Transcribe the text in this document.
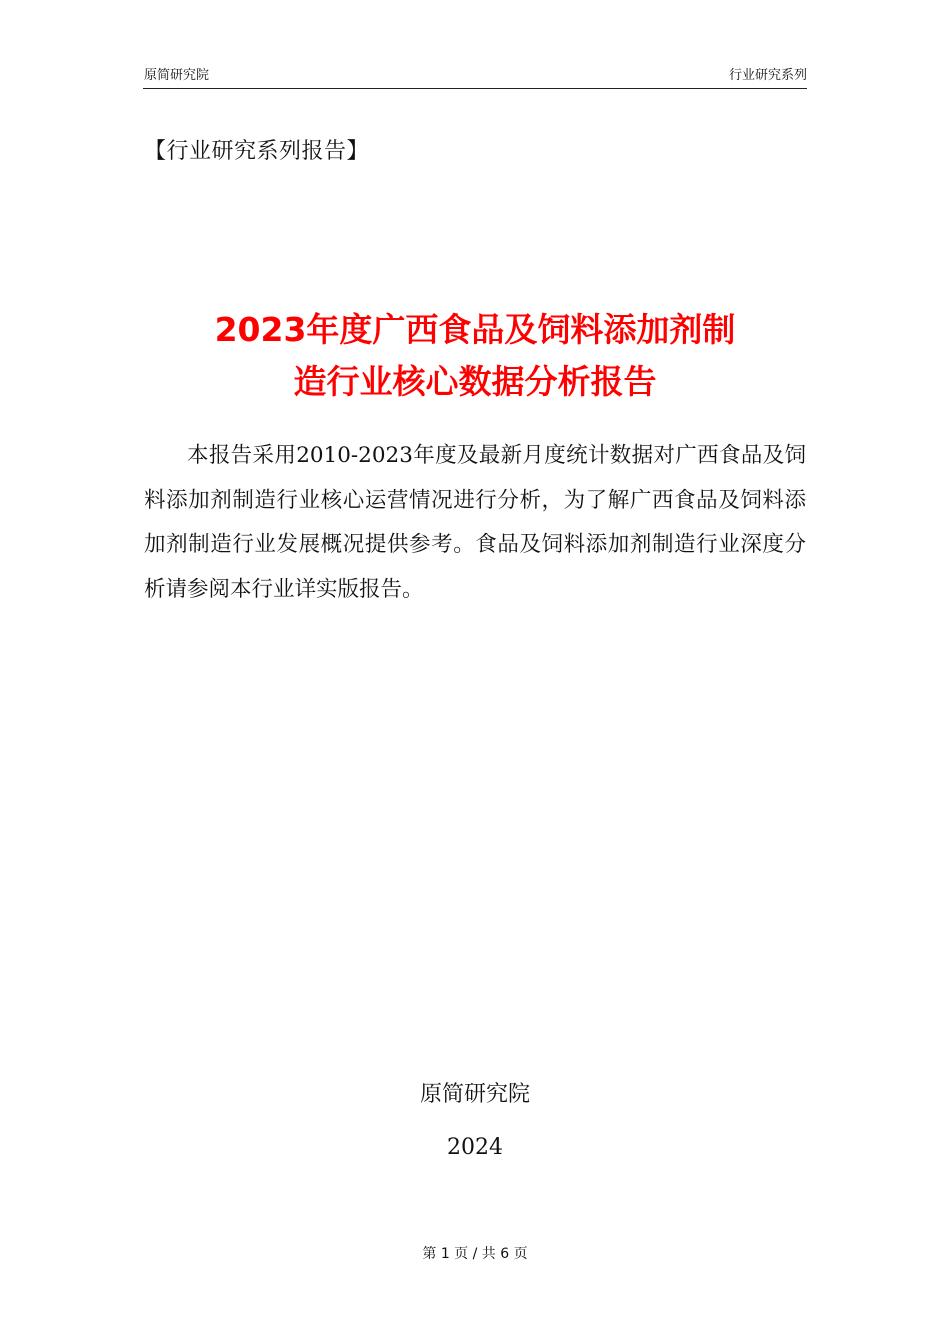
原简研究院	行业研究系列
【行业研究系列报告】
2023年度广西食品及饲料添加剂制
造行业核心数据分析报告

本报告采用2010-2023年度及最新月度统计数据对广西食品及饲料添加剂制造行业核心运营情况进行分析，为了解广西食品及饲料添加剂制造行业发展概况提供参考。食品及饲料添加剂制造行业深度分析请参阅本行业详实版报告。

原简研究院
2024
第 1 页 / 共 6 页
